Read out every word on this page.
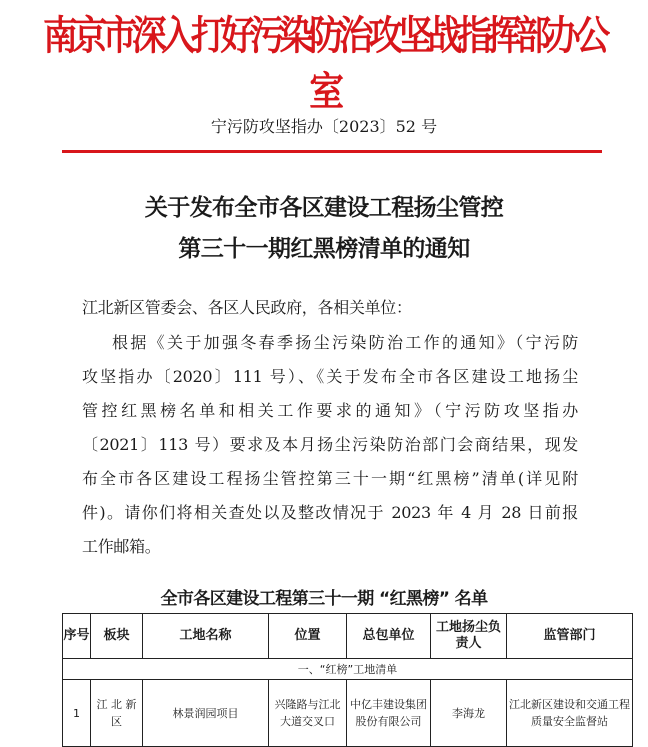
南京市深入打好污染防治攻坚战指挥部办公室
宁污防攻坚指办〔2023〕52 号
关于发布全市各区建设工程扬尘管控
第三十一期红黑榜清单的通知
江北新区管委会、各区人民政府，各相关单位：
根据《关于加强冬春季扬尘污染防治工作的通知》（宁污防
攻坚指办〔2020〕111 号）、《关于发布全市各区建设工地扬尘
管控红黑榜名单和相关工作要求的通知》（宁污防攻坚指办
〔2021〕113 号）要求及本月扬尘污染防治部门会商结果，现发
布全市各区建设工程扬尘管控第三十一期“红黑榜”清单(详见附
件)。请你们将相关查处以及整改情况于 2023 年 4 月 28 日前报
工作邮箱。
全市各区建设工程第三十一期 “红黑榜” 名单
序号	板块	工地名称	位置	总包单位	工地扬尘负责人	监管部门
一、“红榜”工地清单						
1	江 北 新区	林景润园项目	兴隆路与江北大道交叉口	中亿丰建设集团股份有限公司	李海龙	江北新区建设和交通工程质量安全监督站
